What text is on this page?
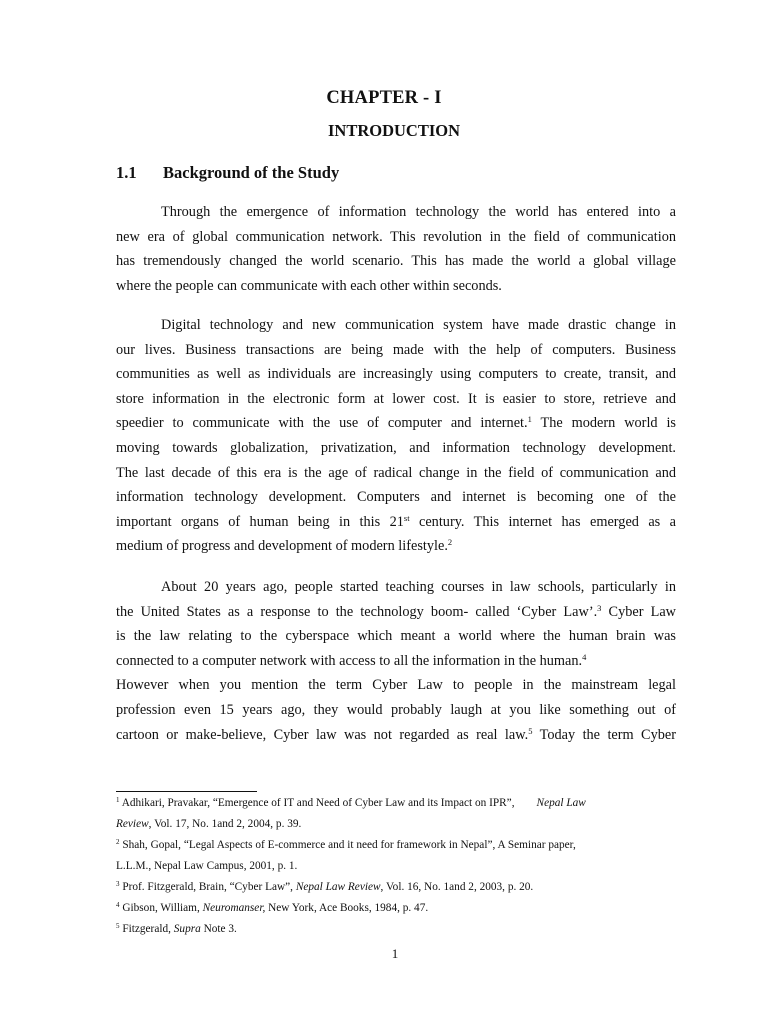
CHAPTER - I
INTRODUCTION
1.1 Background of the Study
Through the emergence of information technology the world has entered into a
new era of global communication network. This revolution in the field of communication
has tremendously changed the world scenario. This has made the world a global village
where the people can communicate with each other within seconds.
Digital technology and new communication system have made drastic change in
our lives. Business transactions are being made with the help of computers. Business
communities as well as individuals are increasingly using computers to create, transit, and
store information in the electronic form at lower cost. It is easier to store, retrieve and
speedier to communicate with the use of computer and internet.$^1$ The modern world is
moving towards globalization, privatization, and information technology development.
The last decade of this era is the age of radical change in the field of communication and
information technology development. Computers and internet is becoming one of the
important organs of human being in this 21st century. This internet has emerged as a
medium of progress and development of modern lifestyle.$^2$
About 20 years ago, people started teaching courses in law schools, particularly in
the United States as a response to the technology boom- called ‘Cyber Law’.$^3$ Cyber Law
is the law relating to the cyberspace which meant a world where the human brain was
connected to a computer network with access to all the information in the human.$^4$
However when you mention the term Cyber Law to people in the mainstream legal
profession even 15 years ago, they would probably laugh at you like something out of
cartoon or make-believe, Cyber law was not regarded as real law.$^5$ Today the term Cyber
$^1$ Adhikari, Pravakar, “Emergence of IT and Need of Cyber Law and its Impact on IPR”, Nepal Law
Review, Vol. 17, No. 1and 2, 2004, p. 39.
$^2$ Shah, Gopal, “Legal Aspects of E-commerce and it need for framework in Nepal”, A Seminar paper,
L.L.M., Nepal Law Campus, 2001, p. 1.
$^3$ Prof. Fitzgerald, Brain, “Cyber Law”, Nepal Law Review, Vol. 16, No. 1and 2, 2003, p. 20.
$^4$ Gibson, William, Neuromanser, New York, Ace Books, 1984, p. 47.
$^5$ Fitzgerald, Supra Note 3.
1
